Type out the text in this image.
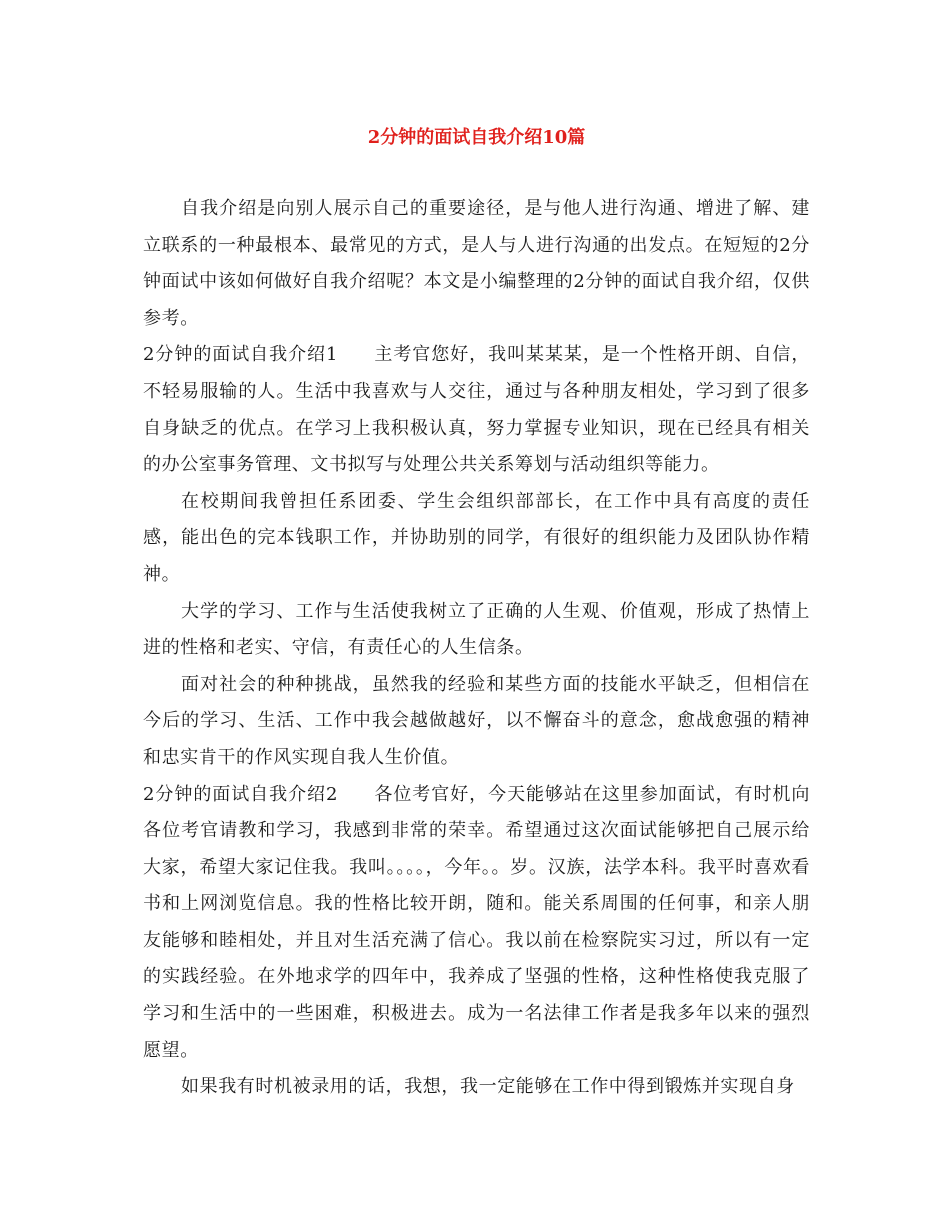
2分钟的面试自我介绍10篇

自我介绍是向别人展示自己的重要途径，是与他人进行沟通、增进了解、建立联系的一种最根本、最常见的方式，是人与人进行沟通的出发点。在短短的2分钟面试中该如何做好自我介绍呢？本文是小编整理的2分钟的面试自我介绍，仅供参考。

2分钟的面试自我介绍1 主考官您好，我叫某某某，是一个性格开朗、自信，不轻易服输的人。生活中我喜欢与人交往，通过与各种朋友相处，学习到了很多自身缺乏的优点。在学习上我积极认真，努力掌握专业知识，现在已经具有相关的办公室事务管理、文书拟写与处理公共关系筹划与活动组织等能力。

在校期间我曾担任系团委、学生会组织部部长，在工作中具有高度的责任感，能出色的完本钱职工作，并协助别的同学，有很好的组织能力及团队协作精神。

大学的学习、工作与生活使我树立了正确的人生观、价值观，形成了热情上进的性格和老实、守信，有责任心的人生信条。

面对社会的种种挑战，虽然我的经验和某些方面的技能水平缺乏，但相信在今后的学习、生活、工作中我会越做越好，以不懈奋斗的意念，愈战愈强的精神和忠实肯干的作风实现自我人生价值。

2分钟的面试自我介绍2 各位考官好，今天能够站在这里参加面试，有时机向各位考官请教和学习，我感到非常的荣幸。希望通过这次面试能够把自己展示给大家，希望大家记住我。我叫。。。。，今年。。岁。汉族，法学本科。我平时喜欢看书和上网浏览信息。我的性格比较开朗，随和。能关系周围的任何事，和亲人朋友能够和睦相处，并且对生活充满了信心。我以前在检察院实习过，所以有一定的实践经验。在外地求学的四年中，我养成了坚强的性格，这种性格使我克服了学习和生活中的一些困难，积极进去。成为一名法律工作者是我多年以来的强烈愿望。

如果我有时机被录用的话，我想，我一定能够在工作中得到锻炼并实现自身
